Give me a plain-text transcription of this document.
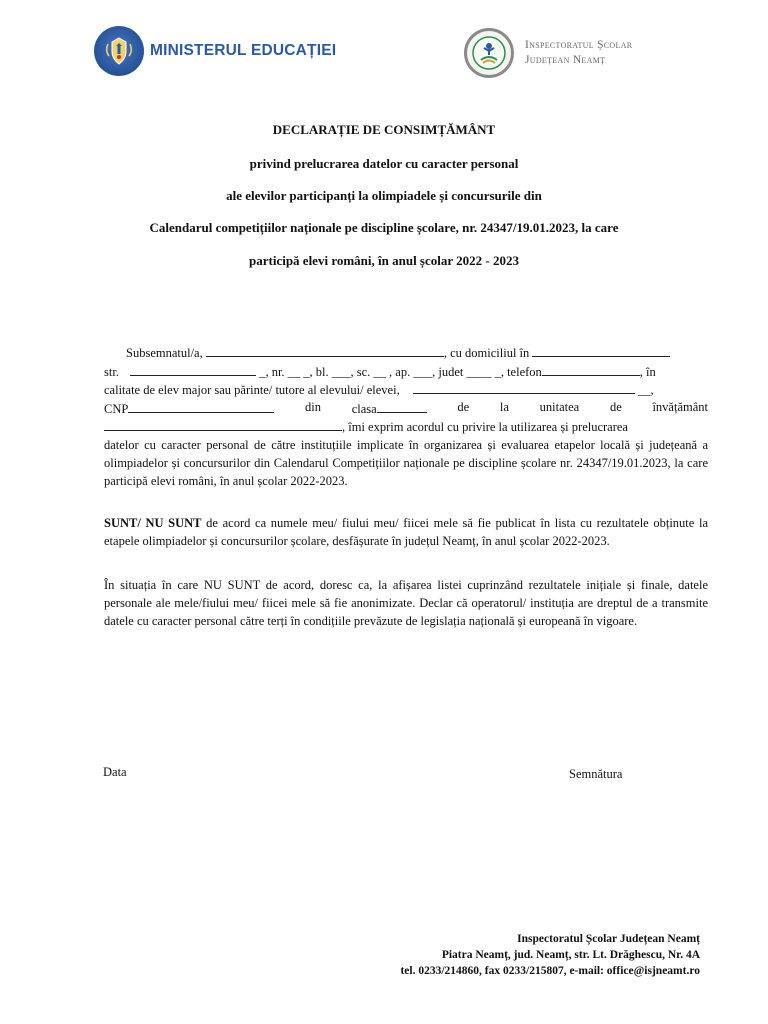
MINISTERUL EDUCAȚIEI	Inspectoratul Școlar
Județean Neamț
DECLARAȚIE DE CONSIMȚĂMÂNT
privind prelucrarea datelor cu caracter personal
ale elevilor participanți la olimpiadele și concursurile din
Calendarul competițiilor naționale pe discipline școlare, nr. 24347/19.01.2023, la care
participă elevi români, în anul școlar 2022 - 2023
Subsemnatul/a,	, cu domiciliul în
str.	_, nr. __ _, bl. ___, sc. __ , ap. ___, judet ____ _, telefon	, în
calitate de elev major sau părinte/ tutore al elevului/ elevei,	__,
CNP	din clasa	de la unitatea de învățământ
, îmi exprim acordul cu privire la utilizarea și prelucrarea
datelor cu caracter personal de către instituțiile implicate în organizarea și evaluarea etapelor locală și județeană a olimpiadelor și concursurilor din Calendarul Competițiilor naționale pe discipline școlare nr. 24347/19.01.2023, la care participă elevi români, în anul școlar 2022-2023.
SUNT/ NU SUNT de acord ca numele meu/ fiului meu/ fiicei mele să fie publicat în lista cu rezultatele obținute la etapele olimpiadelor și concursurilor școlare, desfășurate în județul Neamț, în anul școlar 2022-2023.
În situația în care NU SUNT de acord, doresc ca, la afișarea listei cuprinzând rezultatele inițiale și finale, datele personale ale mele/fiului meu/ fiicei mele să fie anonimizate. Declar că operatorul/ instituția are dreptul de a transmite datele cu caracter personal către terți în condițiile prevăzute de legislația națională și europeană în vigoare.
Data	Semnătura
Inspectoratul Școlar Județean Neamț
Piatra Neamț, jud. Neamț, str. Lt. Drăghescu, Nr. 4A
tel. 0233/214860, fax 0233/215807, e-mail: office@isjneamt.ro
